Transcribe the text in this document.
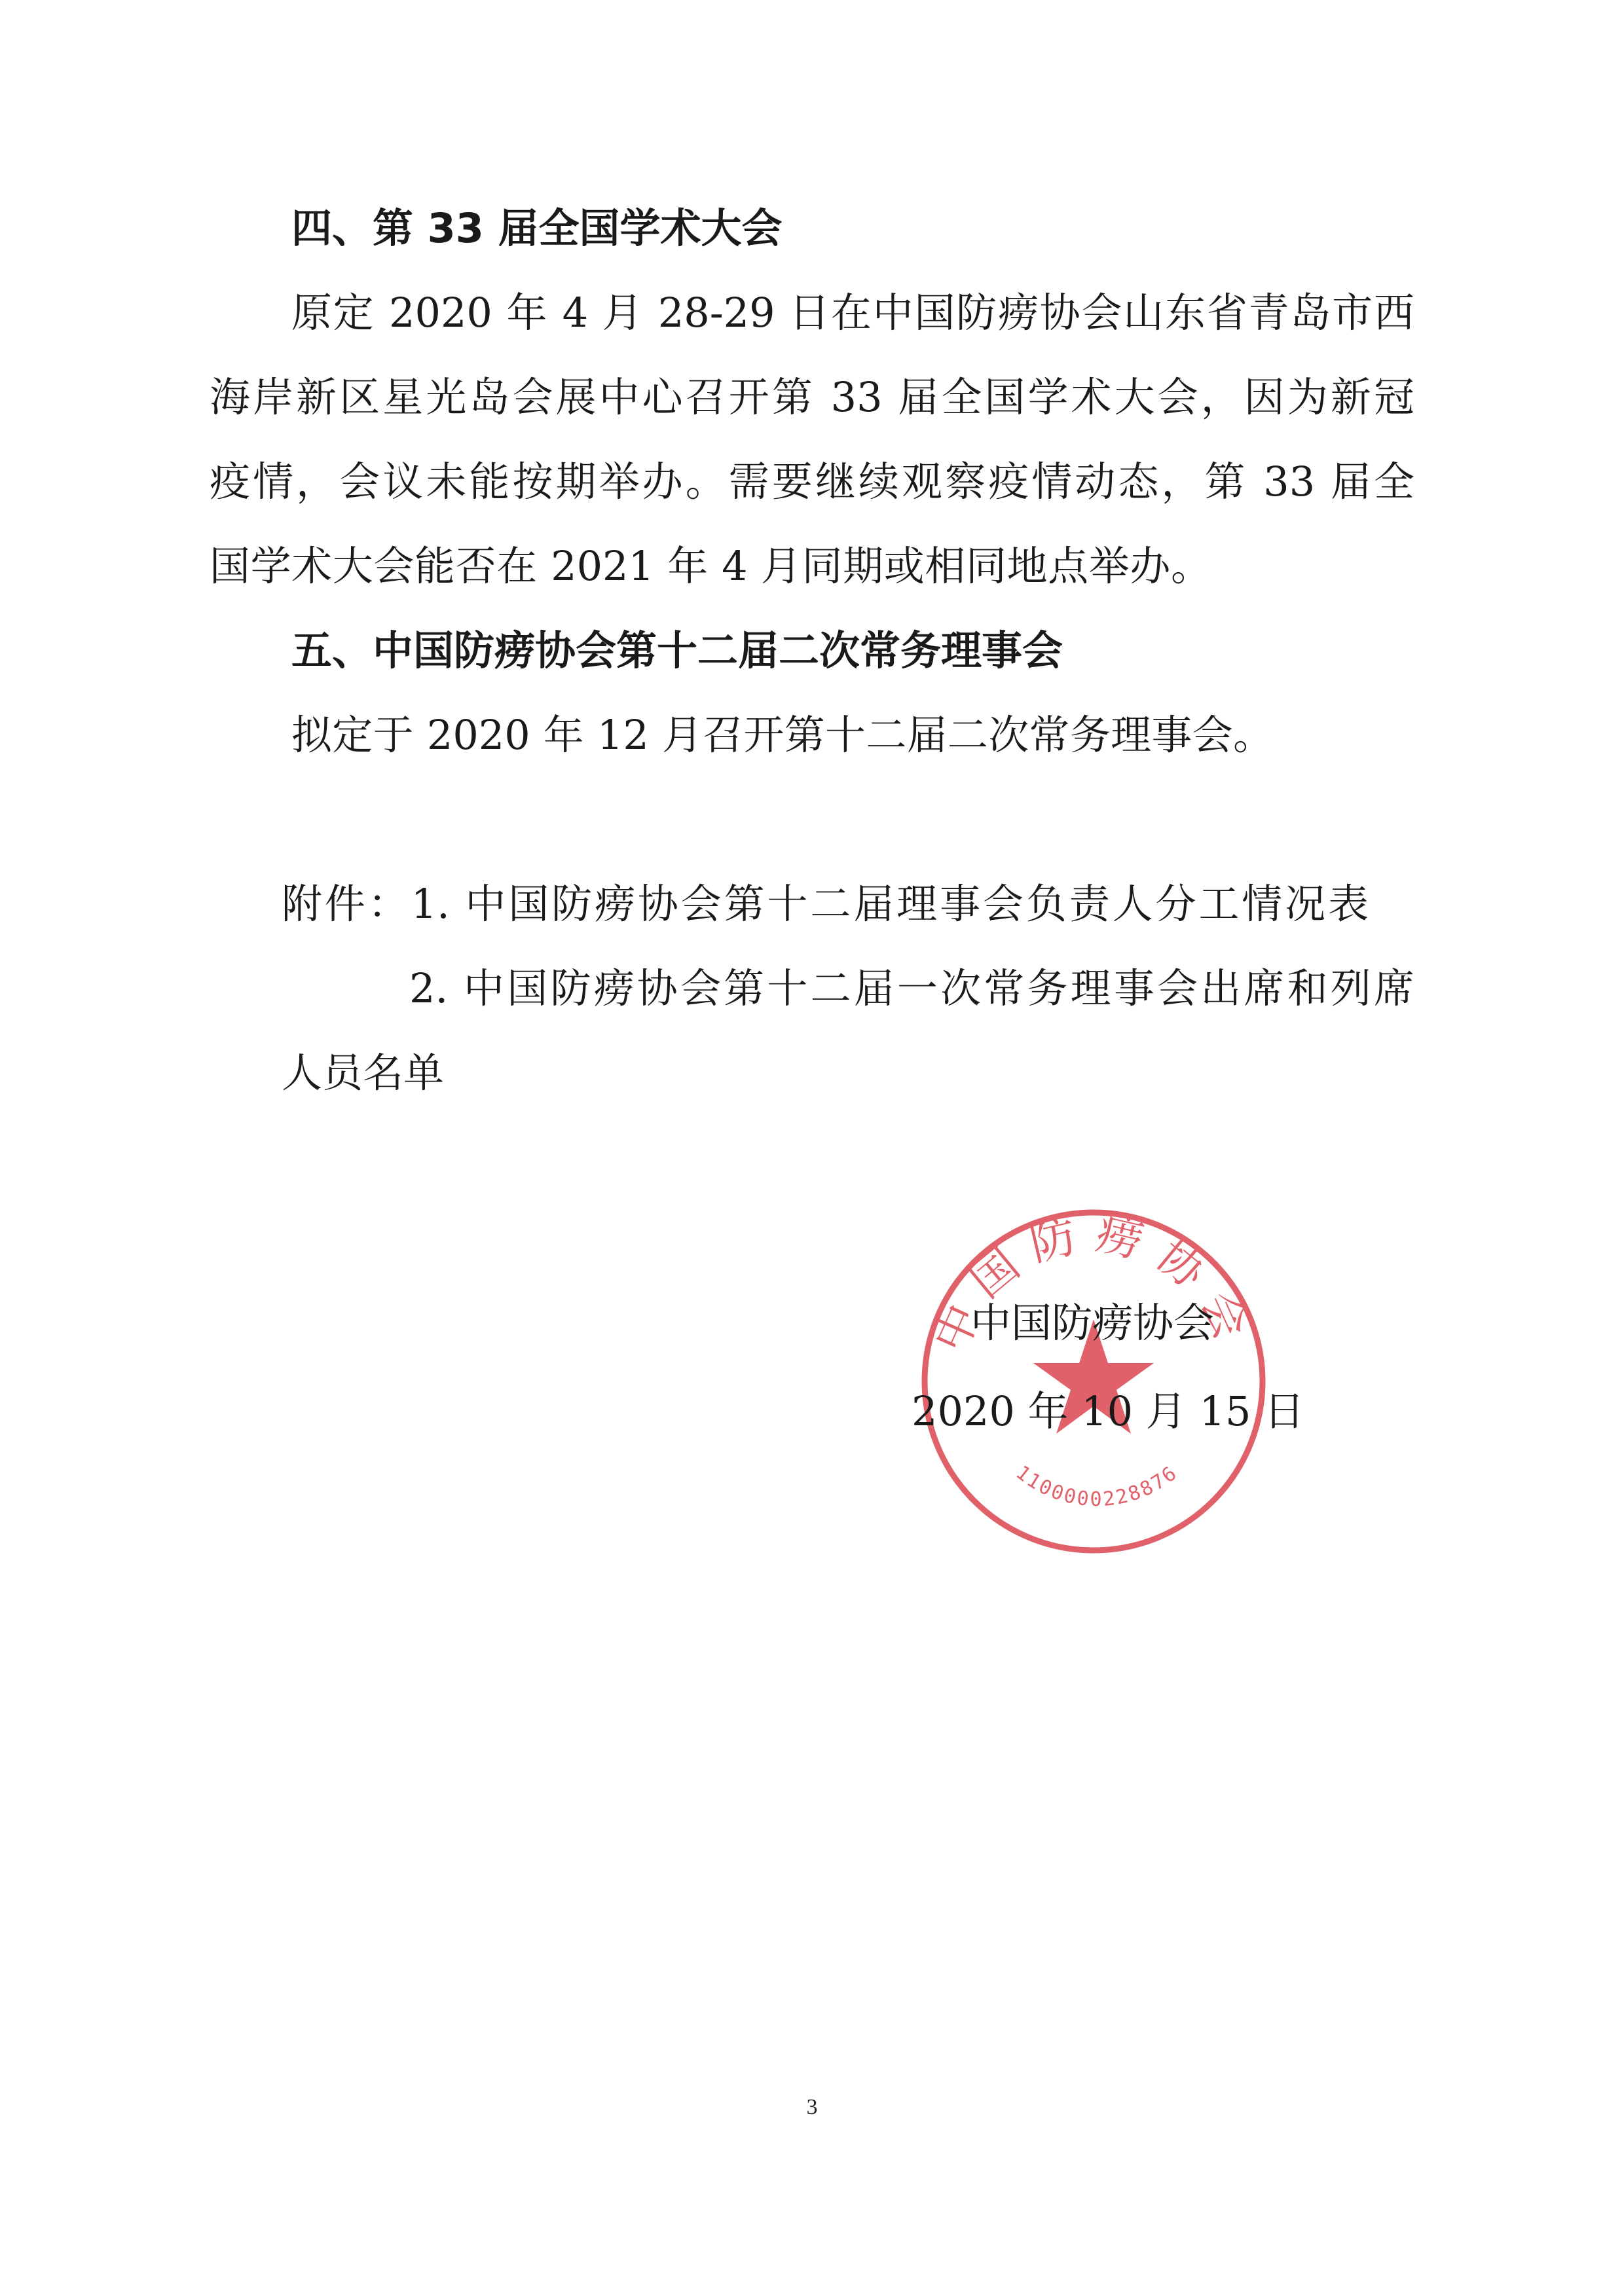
四、第 33 届全国学术大会
原定 2020 年 4 月 28-29 日在中国防痨协会山东省青岛市西
海岸新区星光岛会展中心召开第 33 届全国学术大会，因为新冠
疫情，会议未能按期举办。需要继续观察疫情动态，第 33 届全
国学术大会能否在 2021 年 4 月同期或相同地点举办。
五、中国防痨协会第十二届二次常务理事会
拟定于 2020 年 12 月召开第十二届二次常务理事会。
附件：1. 中国防痨协会第十二届理事会负责人分工情况表
2. 中国防痨协会第十二届一次常务理事会出席和列席
人员名单
中国防痨协会
1100000228876
中国防痨协会
2020 年 10 月 15 日
3
